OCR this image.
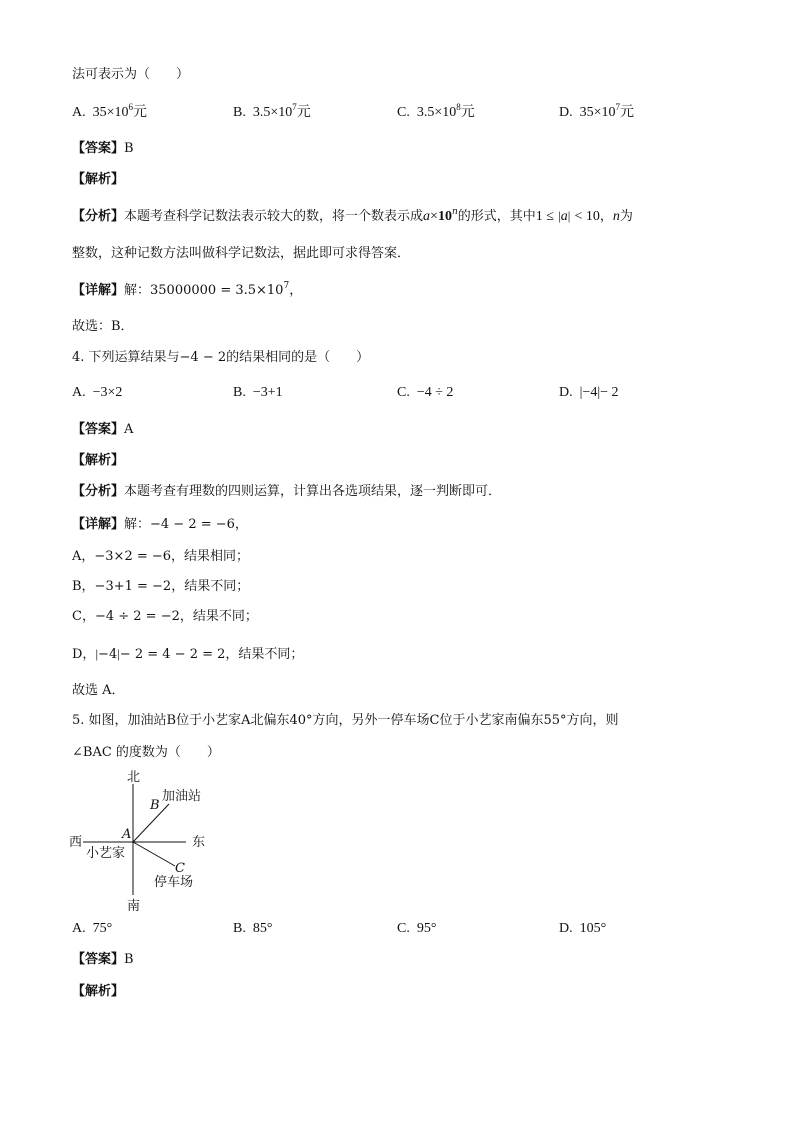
法可表示为（　　）
A. $35\times 10^6$元	B. $3.5\times 10^7$元	C. $3.5\times 10^8$元	D. $35\times 10^7$元
【答案】B
【解析】
【分析】本题考查科学记数法表示较大的数，将一个数表示成$a\times 10^n$的形式，其中1 ≤ |a| < 10，n为
整数，这种记数方法叫做科学记数法，据此即可求得答案．
【详解】解：$35000000 = 3.5\times 10^7$，
故选：B．
4. 下列运算结果与−4 − 2的结果相同的是（　　）
A. −3×2	B. −3+1	C. −4 ÷ 2	D. |−4|− 2
【答案】A
【解析】
【分析】本题考查有理数的四则运算，计算出各选项结果，逐一判断即可．
【详解】解：−4 − 2 = −6，
A，−3×2 = −6，结果相同；
B，−3+1 = −2，结果不同；
C，−4 ÷ 2 = −2，结果不同；
D，|−4|− 2 = 4 − 2 = 2，结果不同；
故选 A．
5. 如图，加油站B位于小艺家A北偏东40°方向，另外一停车场C位于小艺家南偏东55°方向，则
∠BAC 的度数为（　　）
北
南
西	东
A
小艺家
B
加油站
C
停车场
A. 75°	B. 85°	C. 95°	D. 105°
【答案】B
【解析】
